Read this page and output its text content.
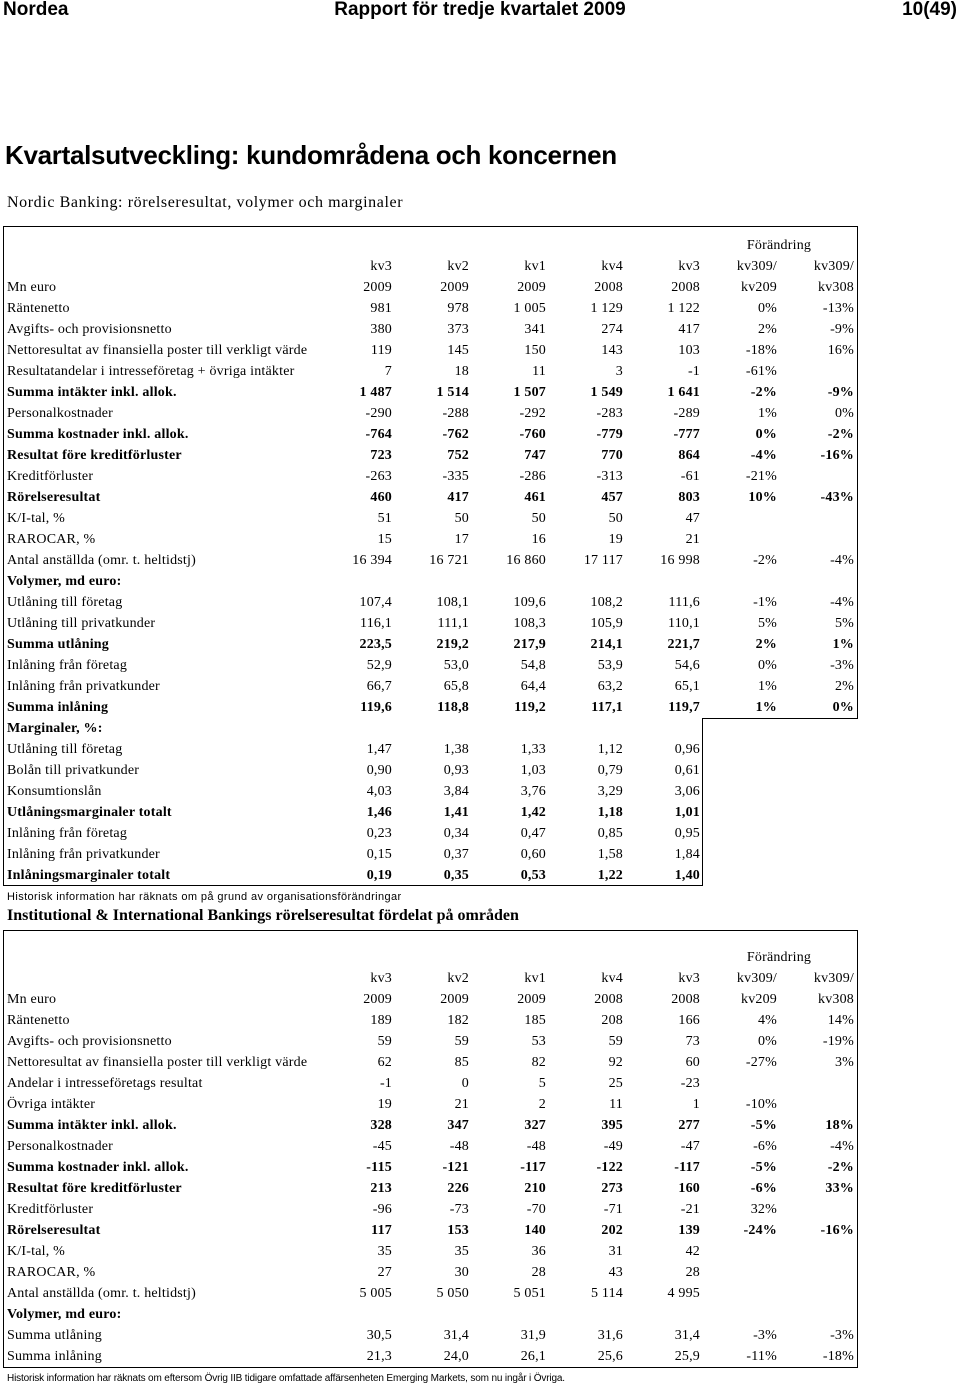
Nordea	Rapport för tredje kvartalet 2009	10(49)
Kvartalsutveckling: kundområdena och koncernen
Nordic Banking: rörelseresultat, volymer och marginaler
Förändring
kv3	kv2	kv1	kv4	kv3	kv309/	kv309/
Mn euro	2009	2009	2009	2008	2008	kv209	kv308
Räntenetto	981	978	1 005	1 129	1 122	0%	-13%
Avgifts- och provisionsnetto	380	373	341	274	417	2%	-9%
Nettoresultat av finansiella poster till verkligt värde	119	145	150	143	103	-18%	16%
Resultatandelar i intresseföretag + övriga intäkter	7	18	11	3	-1	-61%
Summa intäkter inkl. allok.	1 487	1 514	1 507	1 549	1 641	-2%	-9%
Personalkostnader	-290	-288	-292	-283	-289	1%	0%
Summa kostnader inkl. allok.	-764	-762	-760	-779	-777	0%	-2%
Resultat före kreditförluster	723	752	747	770	864	-4%	-16%
Kreditförluster	-263	-335	-286	-313	-61	-21%
Rörelseresultat	460	417	461	457	803	10%	-43%
K/I-tal, %	51	50	50	50	47
RAROCAR, %	15	17	16	19	21
Antal anställda (omr. t. heltidstj)	16 394	16 721	16 860	17 117	16 998	-2%	-4%
Volymer, md euro:
Utlåning till företag	107,4	108,1	109,6	108,2	111,6	-1%	-4%
Utlåning till privatkunder	116,1	111,1	108,3	105,9	110,1	5%	5%
Summa utlåning	223,5	219,2	217,9	214,1	221,7	2%	1%
Inlåning från företag	52,9	53,0	54,8	53,9	54,6	0%	-3%
Inlåning från privatkunder	66,7	65,8	64,4	63,2	65,1	1%	2%
Summa inlåning	119,6	118,8	119,2	117,1	119,7	1%	0%
Marginaler, %:
Utlåning till företag	1,47	1,38	1,33	1,12	0,96
Bolån till privatkunder	0,90	0,93	1,03	0,79	0,61
Konsumtionslån	4,03	3,84	3,76	3,29	3,06
Utlåningsmarginaler totalt	1,46	1,41	1,42	1,18	1,01
Inlåning från företag	0,23	0,34	0,47	0,85	0,95
Inlåning från privatkunder	0,15	0,37	0,60	1,58	1,84
Inlåningsmarginaler totalt	0,19	0,35	0,53	1,22	1,40
Historisk information har räknats om på grund av organisationsförändringar
Institutional & International Bankings rörelseresultat fördelat på områden
Förändring
kv3	kv2	kv1	kv4	kv3	kv309/	kv309/
Mn euro	2009	2009	2009	2008	2008	kv209	kv308
Räntenetto	189	182	185	208	166	4%	14%
Avgifts- och provisionsnetto	59	59	53	59	73	0%	-19%
Nettoresultat av finansiella poster till verkligt värde	62	85	82	92	60	-27%	3%
Andelar i intresseföretags resultat	-1	0	5	25	-23
Övriga intäkter	19	21	2	11	1	-10%
Summa intäkter inkl. allok.	328	347	327	395	277	-5%	18%
Personalkostnader	-45	-48	-48	-49	-47	-6%	-4%
Summa kostnader inkl. allok.	-115	-121	-117	-122	-117	-5%	-2%
Resultat före kreditförluster	213	226	210	273	160	-6%	33%
Kreditförluster	-96	-73	-70	-71	-21	32%
Rörelseresultat	117	153	140	202	139	-24%	-16%
K/I-tal, %	35	35	36	31	42
RAROCAR, %	27	30	28	43	28
Antal anställda (omr. t. heltidstj)	5 005	5 050	5 051	5 114	4 995
Volymer, md euro:
Summa utlåning	30,5	31,4	31,9	31,6	31,4	-3%	-3%
Summa inlåning	21,3	24,0	26,1	25,6	25,9	-11%	-18%
Historisk information har räknats om eftersom Övrig IIB tidigare omfattade affärsenheten Emerging Markets, som nu ingår i Övriga.
